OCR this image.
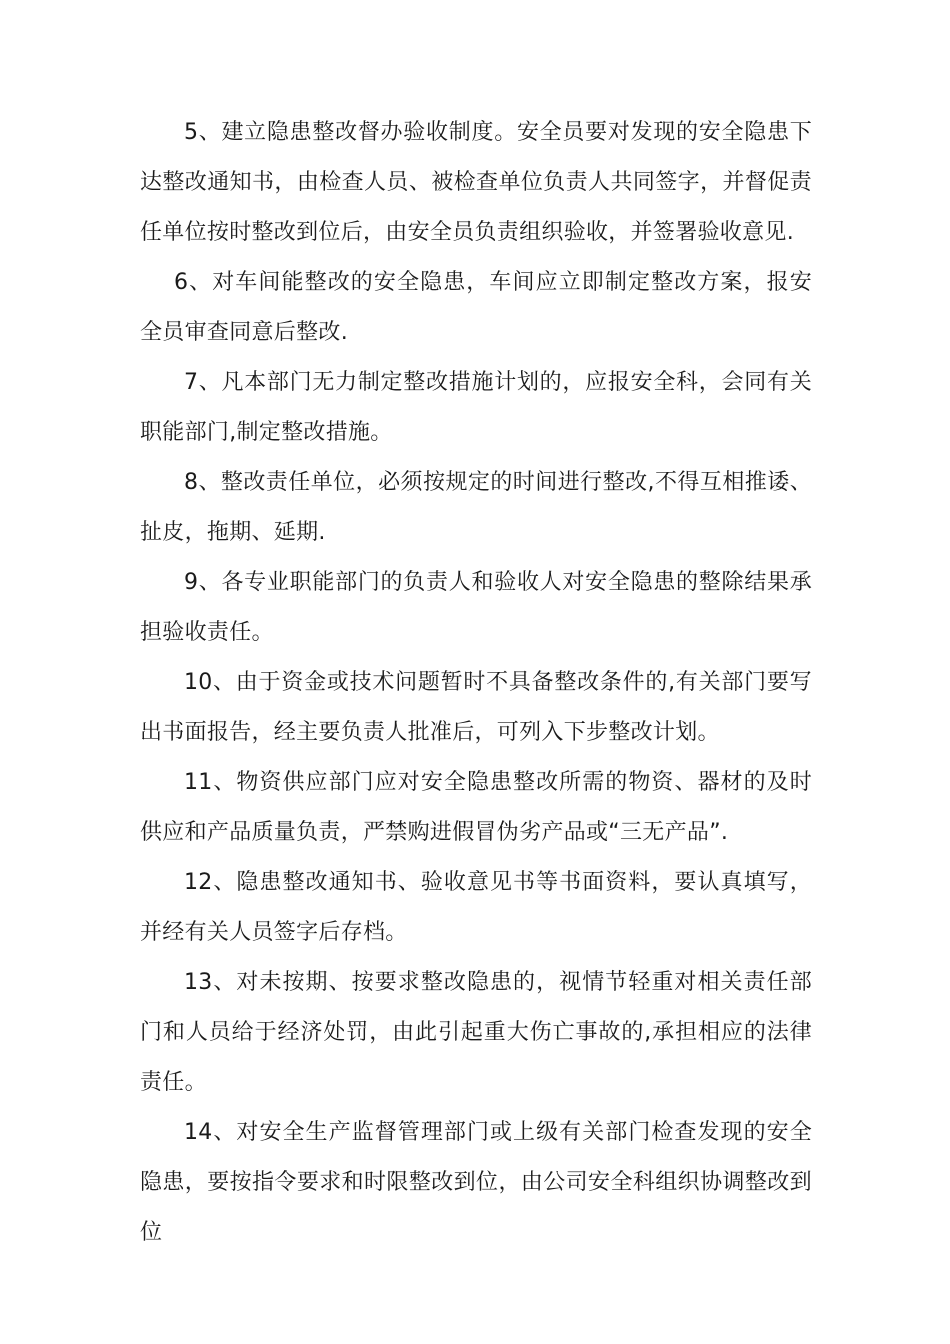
5、建立隐患整改督办验收制度。安全员要对发现的安全隐患下达整改通知书，由检查人员、被检查单位负责人共同签字，并督促责任单位按时整改到位后，由安全员负责组织验收，并签署验收意见.

6、对车间能整改的安全隐患，车间应立即制定整改方案，报安全员审查同意后整改.

7、凡本部门无力制定整改措施计划的，应报安全科，会同有关职能部门,制定整改措施。

8、整改责任单位，必须按规定的时间进行整改,不得互相推诿、扯皮，拖期、延期.

9、各专业职能部门的负责人和验收人对安全隐患的整除结果承担验收责任。

10、由于资金或技术问题暂时不具备整改条件的,有关部门要写出书面报告，经主要负责人批准后，可列入下步整改计划。

11、物资供应部门应对安全隐患整改所需的物资、器材的及时供应和产品质量负责，严禁购进假冒伪劣产品或“三无产品”.

12、隐患整改通知书、验收意见书等书面资料，要认真填写，并经有关人员签字后存档。

13、对未按期、按要求整改隐患的，视情节轻重对相关责任部门和人员给于经济处罚，由此引起重大伤亡事故的,承担相应的法律责任。

14、对安全生产监督管理部门或上级有关部门检查发现的安全隐患，要按指令要求和时限整改到位，由公司安全科组织协调整改到位
